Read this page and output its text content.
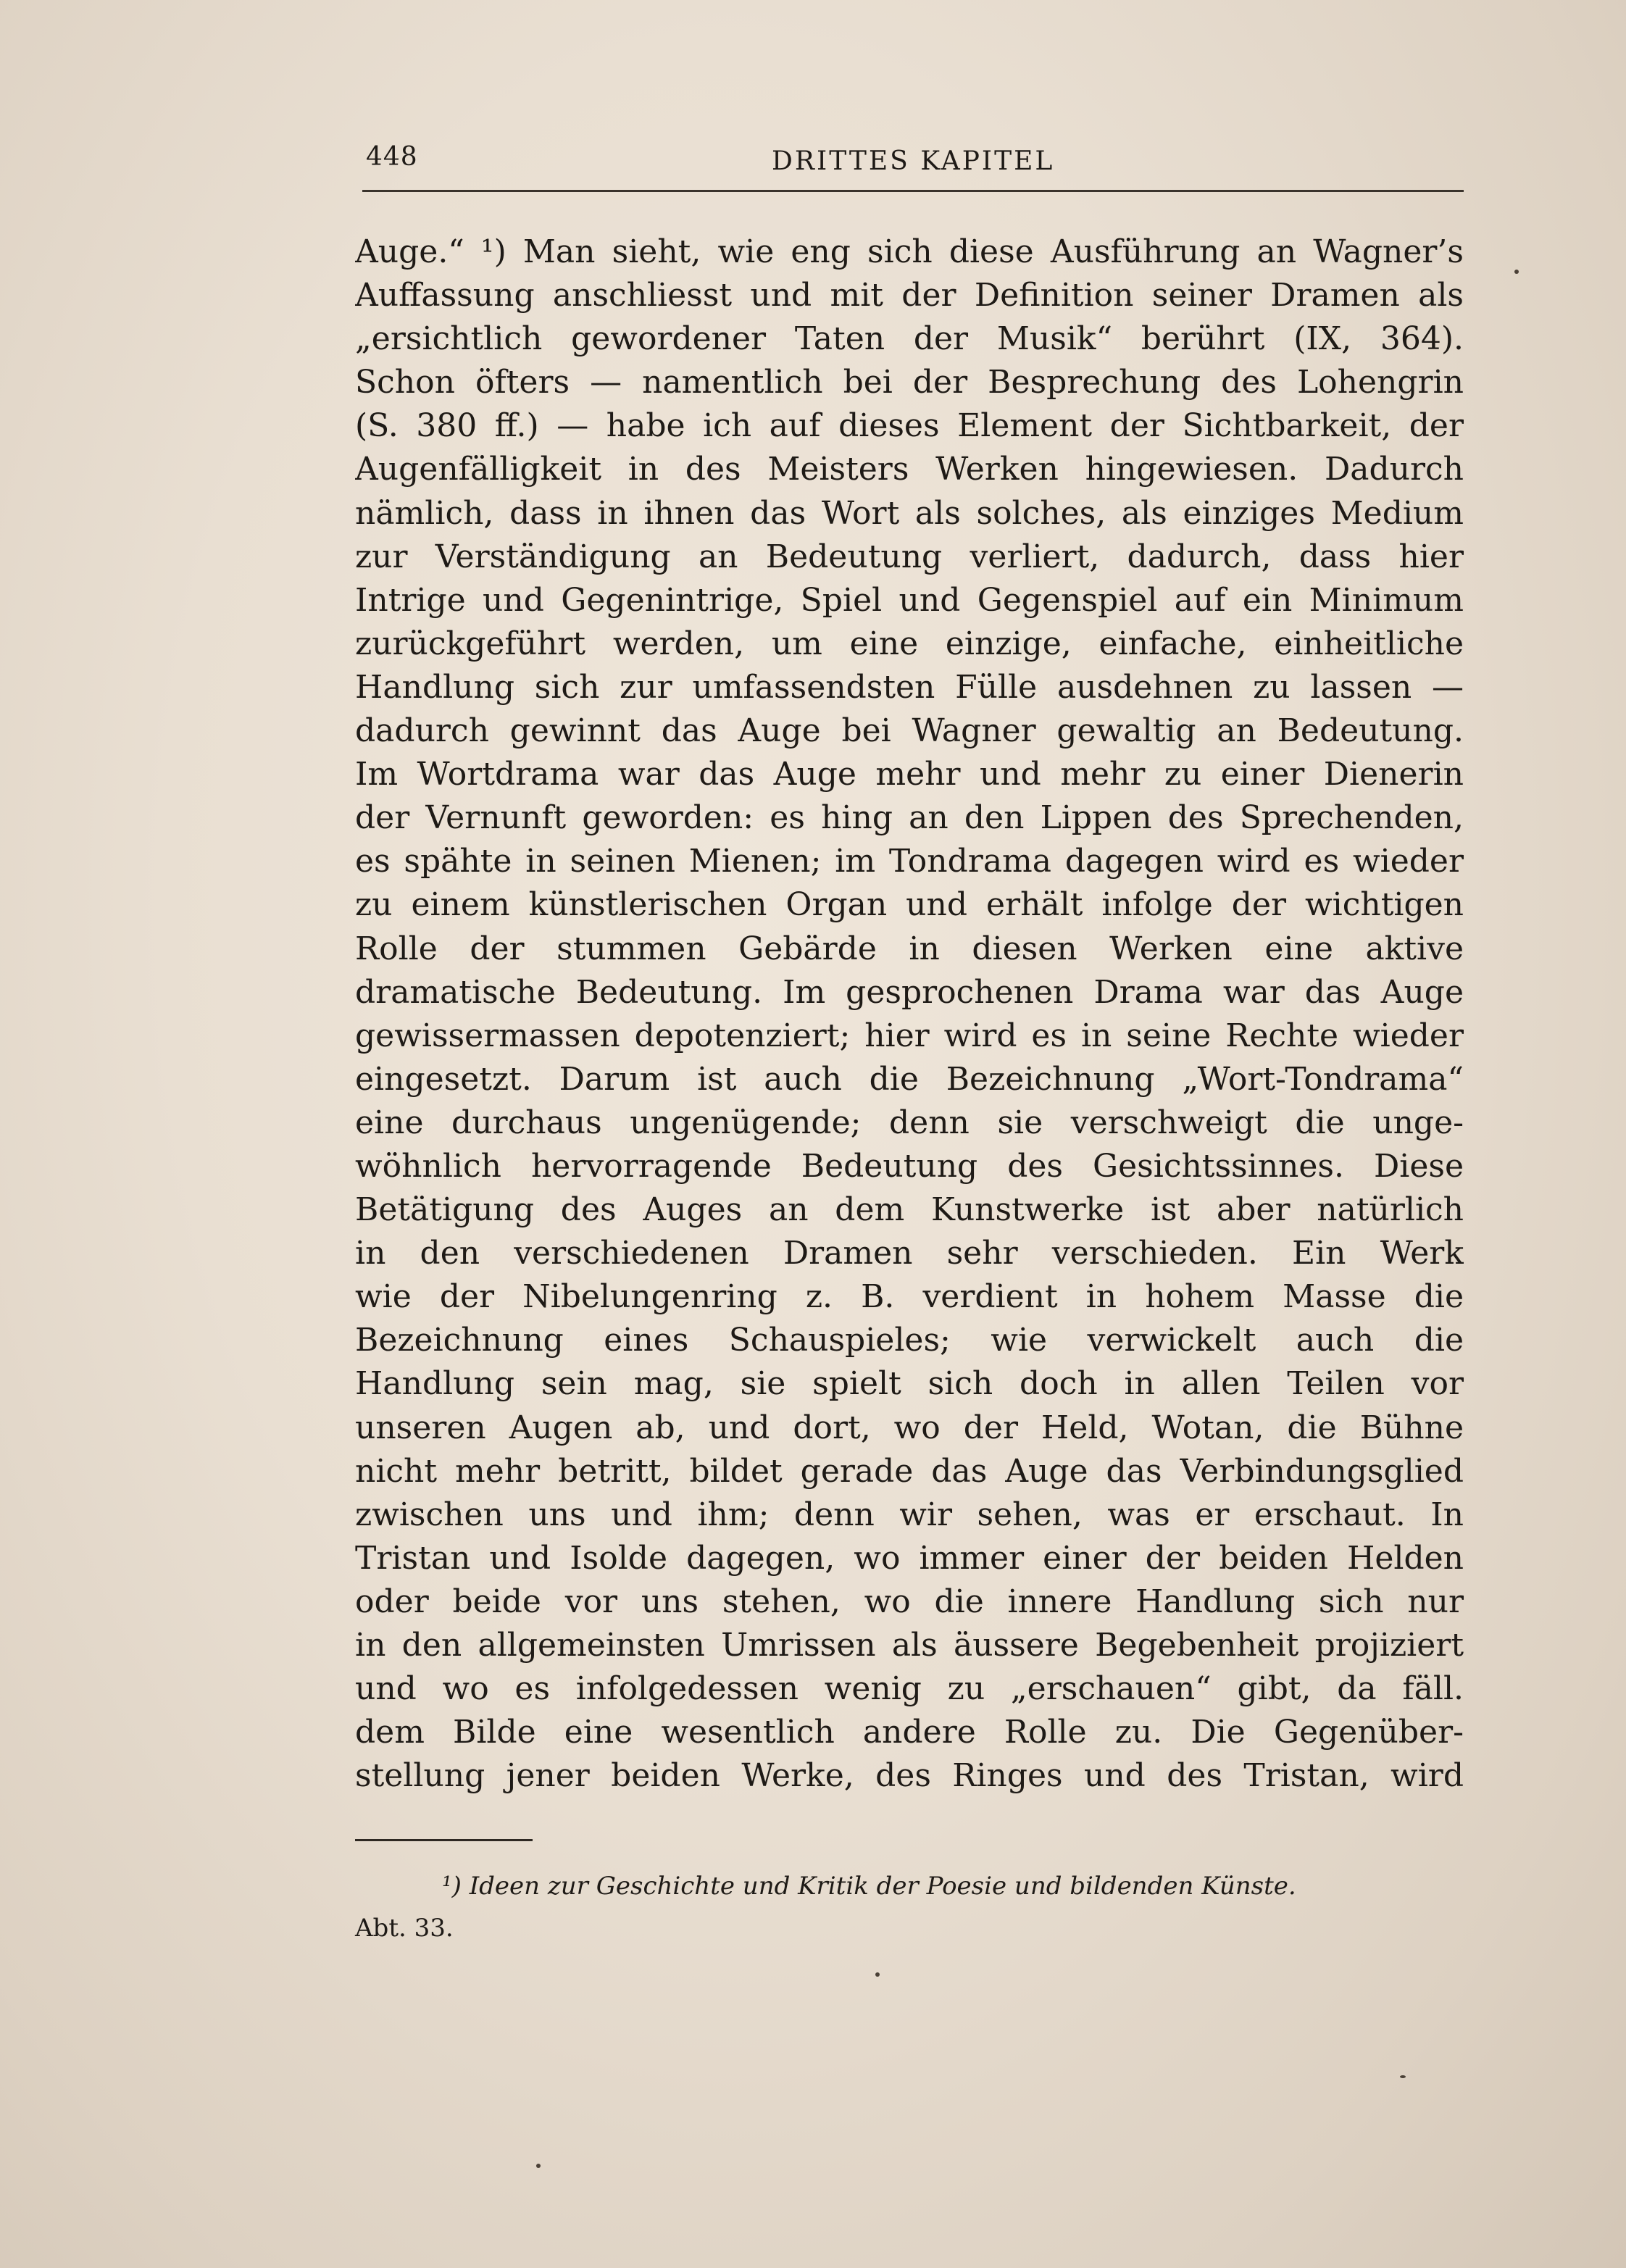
448	DRITTES KAPITEL
Auge.“ ¹) Man sieht, wie eng sich diese Ausführung an Wagner’s
Auffassung anschliesst und mit der Definition seiner Dramen als
„ersichtlich gewordener Taten der Musik“ berührt (IX, 364).
Schon öfters — namentlich bei der Besprechung des Lohengrin
(S. 380 ff.) — habe ich auf dieses Element der Sichtbarkeit, der
Augenfälligkeit in des Meisters Werken hingewiesen. Dadurch
nämlich, dass in ihnen das Wort als solches, als einziges Medium
zur Verständigung an Bedeutung verliert, dadurch, dass hier
Intrige und Gegenintrige, Spiel und Gegenspiel auf ein Minimum
zurückgeführt werden, um eine einzige, einfache, einheitliche
Handlung sich zur umfassendsten Fülle ausdehnen zu lassen —
dadurch gewinnt das Auge bei Wagner gewaltig an Bedeutung.
Im Wortdrama war das Auge mehr und mehr zu einer Dienerin
der Vernunft geworden: es hing an den Lippen des Sprechenden,
es spähte in seinen Mienen; im Tondrama dagegen wird es wieder
zu einem künstlerischen Organ und erhält infolge der wichtigen
Rolle der stummen Gebärde in diesen Werken eine aktive
dramatische Bedeutung. Im gesprochenen Drama war das Auge
gewissermassen depotenziert; hier wird es in seine Rechte wieder
eingesetzt. Darum ist auch die Bezeichnung „Wort-Tondrama“
eine durchaus ungenügende; denn sie verschweigt die unge-
wöhnlich hervorragende Bedeutung des Gesichtssinnes. Diese
Betätigung des Auges an dem Kunstwerke ist aber natürlich
in den verschiedenen Dramen sehr verschieden. Ein Werk
wie der Nibelungenring z. B. verdient in hohem Masse die
Bezeichnung eines Schauspieles; wie verwickelt auch die
Handlung sein mag, sie spielt sich doch in allen Teilen vor
unseren Augen ab, und dort, wo der Held, Wotan, die Bühne
nicht mehr betritt, bildet gerade das Auge das Verbindungsglied
zwischen uns und ihm; denn wir sehen, was er erschaut. In
Tristan und Isolde dagegen, wo immer einer der beiden Helden
oder beide vor uns stehen, wo die innere Handlung sich nur
in den allgemeinsten Umrissen als äussere Begebenheit projiziert
und wo es infolgedessen wenig zu „erschauen“ gibt, da fäll.
dem Bilde eine wesentlich andere Rolle zu. Die Gegenüber-
stellung jener beiden Werke, des Ringes und des Tristan, wird
¹) Ideen zur Geschichte und Kritik der Poesie und bildenden Künste.
Abt. 33.
